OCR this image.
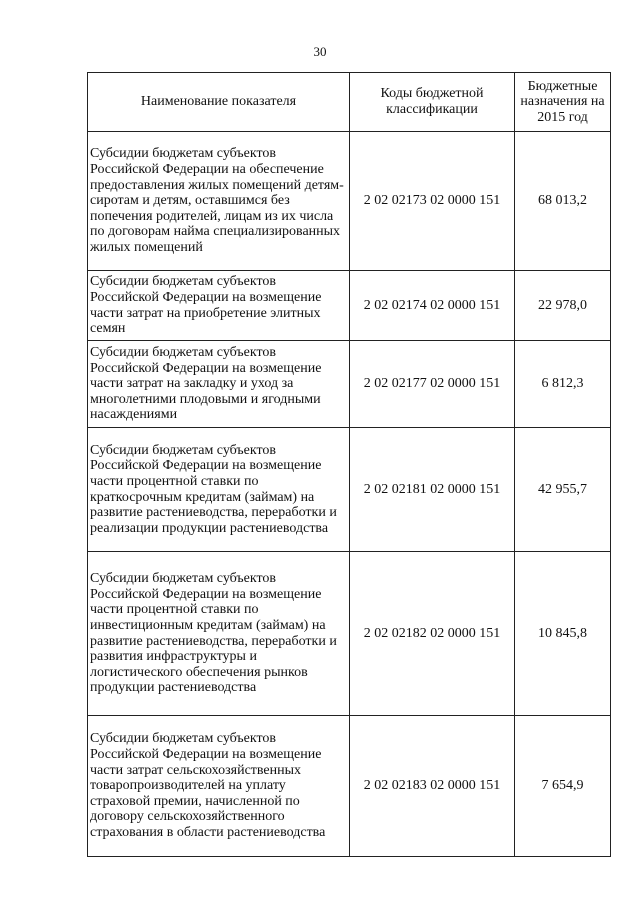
30
Наименование показателя	Коды бюджетной классификации	Бюджетные назначения на 2015 год
Субсидии бюджетам субъектов Российской Федерации на обеспечение предоставления жилых помещений детям-сиротам и детям, оставшимся без попечения родителей, лицам из их числа по договорам найма специализированных жилых помещений	2 02 02173 02 0000 151	68 013,2
Субсидии бюджетам субъектов Российской Федерации на возмещение части затрат на приобретение элитных семян	2 02 02174 02 0000 151	22 978,0
Субсидии бюджетам субъектов Российской Федерации на возмещение части затрат на закладку и уход за многолетними плодовыми и ягодными насаждениями	2 02 02177 02 0000 151	6 812,3
Субсидии бюджетам субъектов Российской Федерации на возмещение части процентной ставки по краткосрочным кредитам (займам) на развитие растениеводства, переработки и реализации продукции растениеводства	2 02 02181 02 0000 151	42 955,7
Субсидии бюджетам субъектов Российской Федерации на возмещение части процентной ставки по инвестиционным кредитам (займам) на развитие растениеводства, переработки и развития инфраструктуры и логистического обеспечения рынков продукции растениеводства	2 02 02182 02 0000 151	10 845,8
Субсидии бюджетам субъектов Российской Федерации на возмещение части затрат сельскохозяйственных товаропроизводителей на уплату страховой премии, начисленной по договору сельскохозяйственного страхования в области растениеводства	2 02 02183 02 0000 151	7 654,9
